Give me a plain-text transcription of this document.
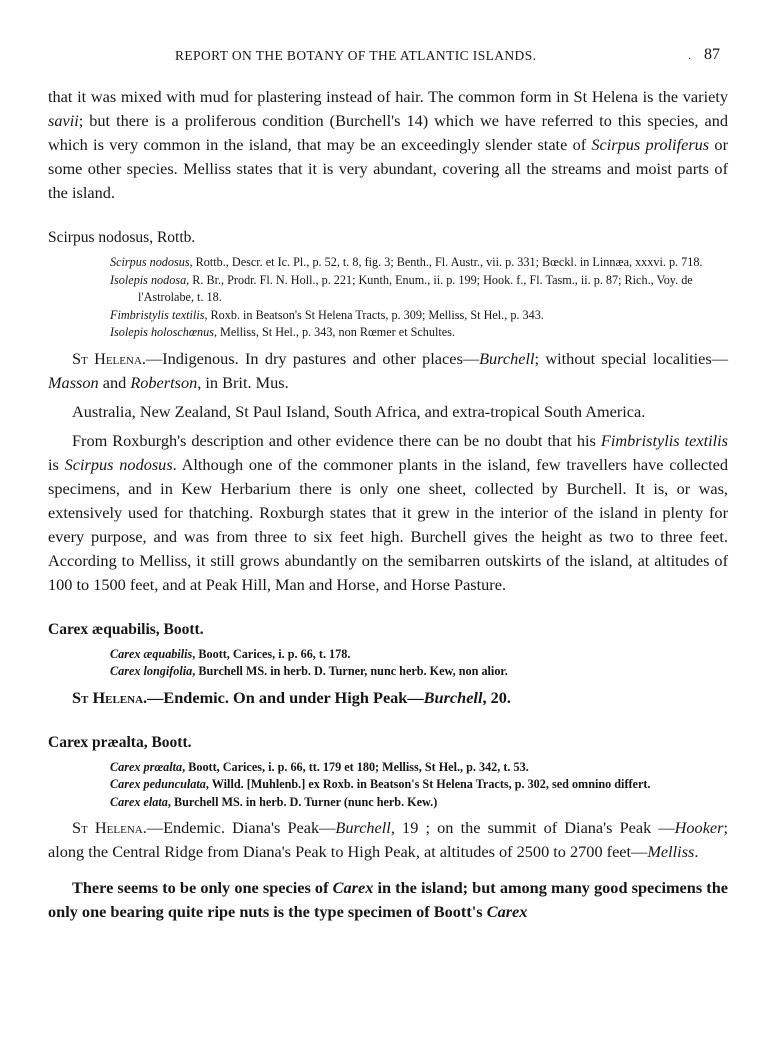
REPORT ON THE BOTANY OF THE ATLANTIC ISLANDS.	· 87

that it was mixed with mud for plastering instead of hair. The common form in St Helena is the variety savii; but there is a proliferous condition (Burchell's 14) which we have referred to this species, and which is very common in the island, that may be an exceedingly slender state of Scirpus proliferus or some other species. Melliss states that it is very abundant, covering all the streams and moist parts of the island.

Scirpus nodosus, Rottb.

Scirpus nodosus, Rottb., Descr. et Ic. Pl., p. 52, t. 8, fig. 3; Benth., Fl. Austr., vii. p. 331; Bœckl. in Linnæa, xxxvi. p. 718.

Isolepis nodosa, R. Br., Prodr. Fl. N. Holl., p. 221; Kunth, Enum., ii. p. 199; Hook. f., Fl. Tasm., ii. p. 87; Rich., Voy. de l'Astrolabe, t. 18.

Fimbristylis textilis, Roxb. in Beatson's St Helena Tracts, p. 309; Melliss, St Hel., p. 343.

Isolepis holoschœnus, Melliss, St Hel., p. 343, non Rœmer et Schultes.

St Helena.—Indigenous. In dry pastures and other places—Burchell; without special localities—Masson and Robertson, in Brit. Mus.

Australia, New Zealand, St Paul Island, South Africa, and extra-tropical South America.

From Roxburgh's description and other evidence there can be no doubt that his Fimbristylis textilis is Scirpus nodosus. Although one of the commoner plants in the island, few travellers have collected specimens, and in Kew Herbarium there is only one sheet, collected by Burchell. It is, or was, extensively used for thatching. Roxburgh states that it grew in the interior of the island in plenty for every purpose, and was from three to six feet high. Burchell gives the height as two to three feet. According to Melliss, it still grows abundantly on the semibarren outskirts of the island, at altitudes of 100 to 1500 feet, and at Peak Hill, Man and Horse, and Horse Pasture.

Carex æquabilis, Boott.

Carex æquabilis, Boott, Carices, i. p. 66, t. 178.

Carex longifolia, Burchell MS. in herb. D. Turner, nunc herb. Kew, non alior.

St Helena.—Endemic. On and under High Peak—Burchell, 20.

Carex præalta, Boott.

Carex prœalta, Boott, Carices, i. p. 66, tt. 179 et 180; Melliss, St Hel., p. 342, t. 53.

Carex pedunculata, Willd. [Muhlenb.] ex Roxb. in Beatson's St Helena Tracts, p. 302, sed omnino differt.

Carex elata, Burchell MS. in herb. D. Turner (nunc herb. Kew.)

St Helena.—Endemic. Diana's Peak—Burchell, 19 ; on the summit of Diana's Peak —Hooker; along the Central Ridge from Diana's Peak to High Peak, at altitudes of 2500 to 2700 feet—Melliss.

There seems to be only one species of Carex in the island; but among many good specimens the only one bearing quite ripe nuts is the type specimen of Boott's Carex
